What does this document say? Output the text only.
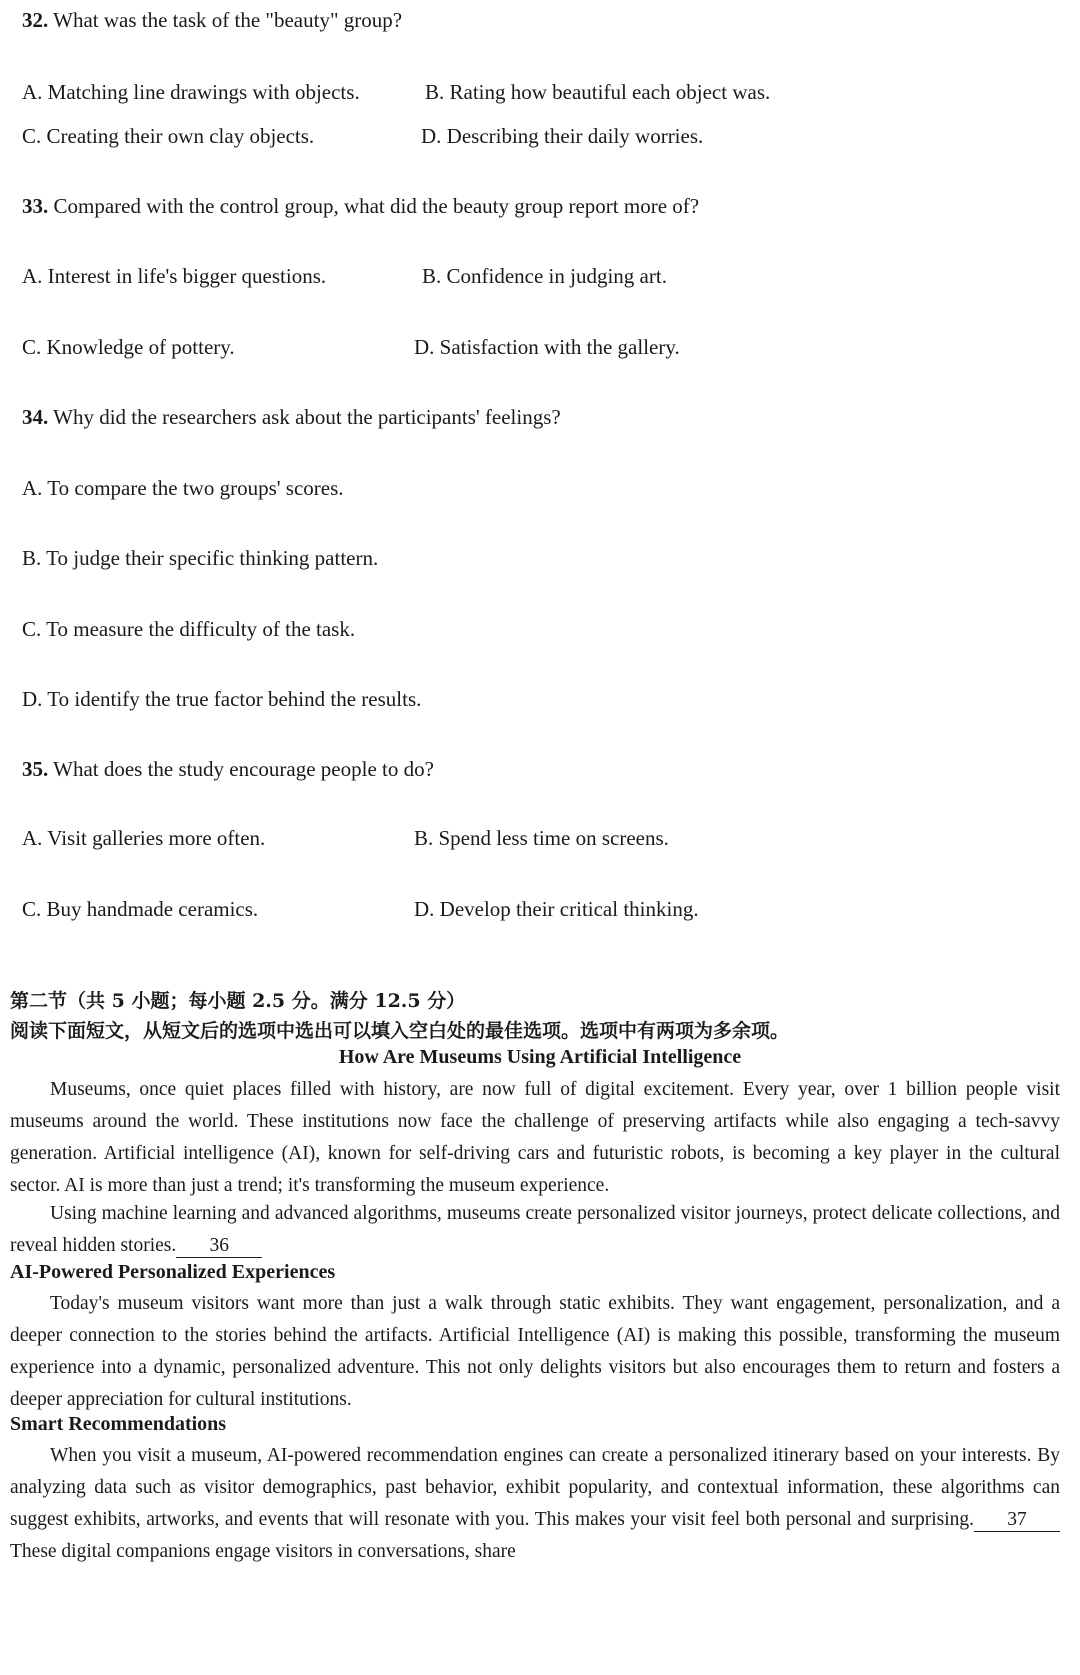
32. What was the task of the "beauty" group?
A. Matching line drawings with objects.	B. Rating how beautiful each object was.
C. Creating their own clay objects.	D. Describing their daily worries.
33. Compared with the control group, what did the beauty group report more of?
A. Interest in life's bigger questions.	B. Confidence in judging art.
C. Knowledge of pottery.	D. Satisfaction with the gallery.
34. Why did the researchers ask about the participants' feelings?
A. To compare the two groups' scores.
B. To judge their specific thinking pattern.
C. To measure the difficulty of the task.
D. To identify the true factor behind the results.
35. What does the study encourage people to do?
A. Visit galleries more often.	B. Spend less time on screens.
C. Buy handmade ceramics.	D. Develop their critical thinking.
第二节（共 5 小题；每小题 2.5 分。满分 12.5 分）
阅读下面短文，从短文后的选项中选出可以填入空白处的最佳选项。选项中有两项为多余项。
How Are Museums Using Artificial Intelligence
Museums, once quiet places filled with history, are now full of digital excitement. Every year, over 1 billion people visit museums around the world. These institutions now face the challenge of preserving artifacts while also engaging a tech-savvy generation. Artificial intelligence (AI), known for self-driving cars and futuristic robots, is becoming a key player in the cultural sector. AI is more than just a trend; it's transforming the museum experience.
Using machine learning and advanced algorithms, museums create personalized visitor journeys, protect delicate collections, and reveal hidden stories. 36
AI-Powered Personalized Experiences
Today's museum visitors want more than just a walk through static exhibits. They want engagement, personalization, and a deeper connection to the stories behind the artifacts. Artificial Intelligence (AI) is making this possible, transforming the museum experience into a dynamic, personalized adventure. This not only delights visitors but also encourages them to return and fosters a deeper appreciation for cultural institutions.
Smart Recommendations
When you visit a museum, AI-powered recommendation engines can create a personalized itinerary based on your interests. By analyzing data such as visitor demographics, past behavior, exhibit popularity, and contextual information, these algorithms can suggest exhibits, artworks, and events that will resonate with you. This makes your visit feel both personal and surprising. 37These digital companions engage visitors in conversations, share
